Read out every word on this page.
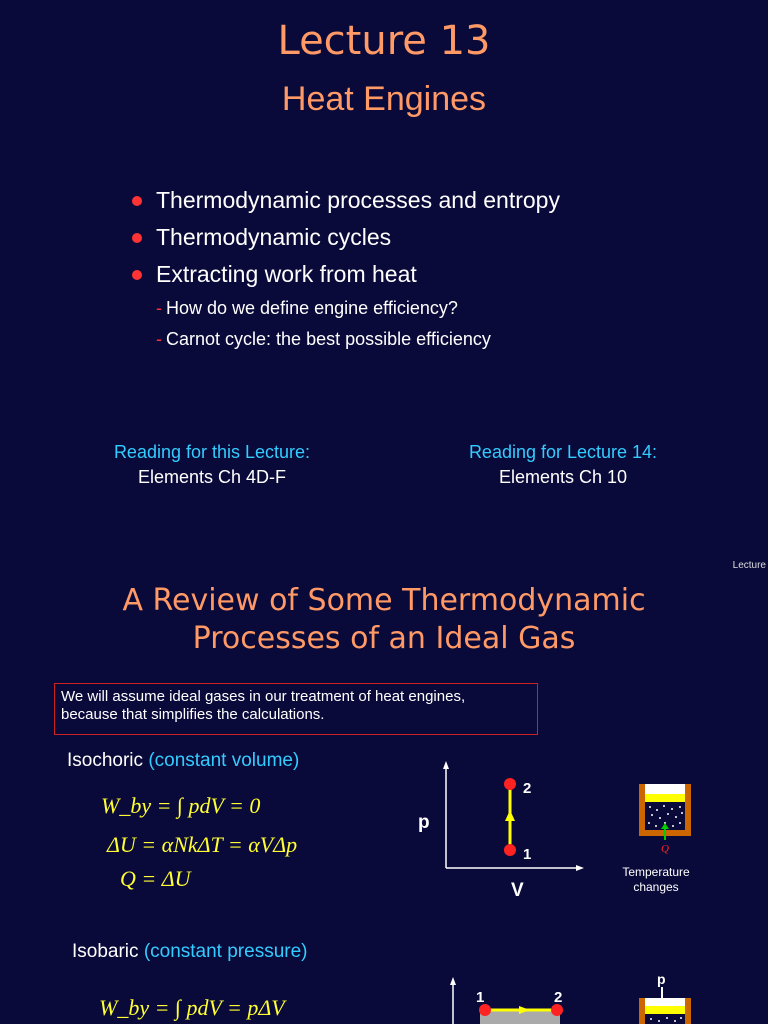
Lecture 13
Heat Engines
Thermodynamic processes and entropy
Thermodynamic cycles
Extracting work from heat
- How do we define engine efficiency?
- Carnot cycle: the best possible efficiency
Reading for this Lecture:
Elements Ch 4D-F
Reading for Lecture 14:
Elements Ch 10
Lecture
A Review of Some Thermodynamic
Processes of an Ideal Gas
We will assume ideal gases in our treatment of heat engines,
because that simplifies the calculations.
Isochoric (constant volume)
W_by = ∫ pdV = 0
ΔU = αNkΔT = αVΔp
Q = ΔU
2
1
p
V
Q
Temperature
changes
Isobaric (constant pressure)
W_by = ∫ pdV = pΔV	1	2
p
